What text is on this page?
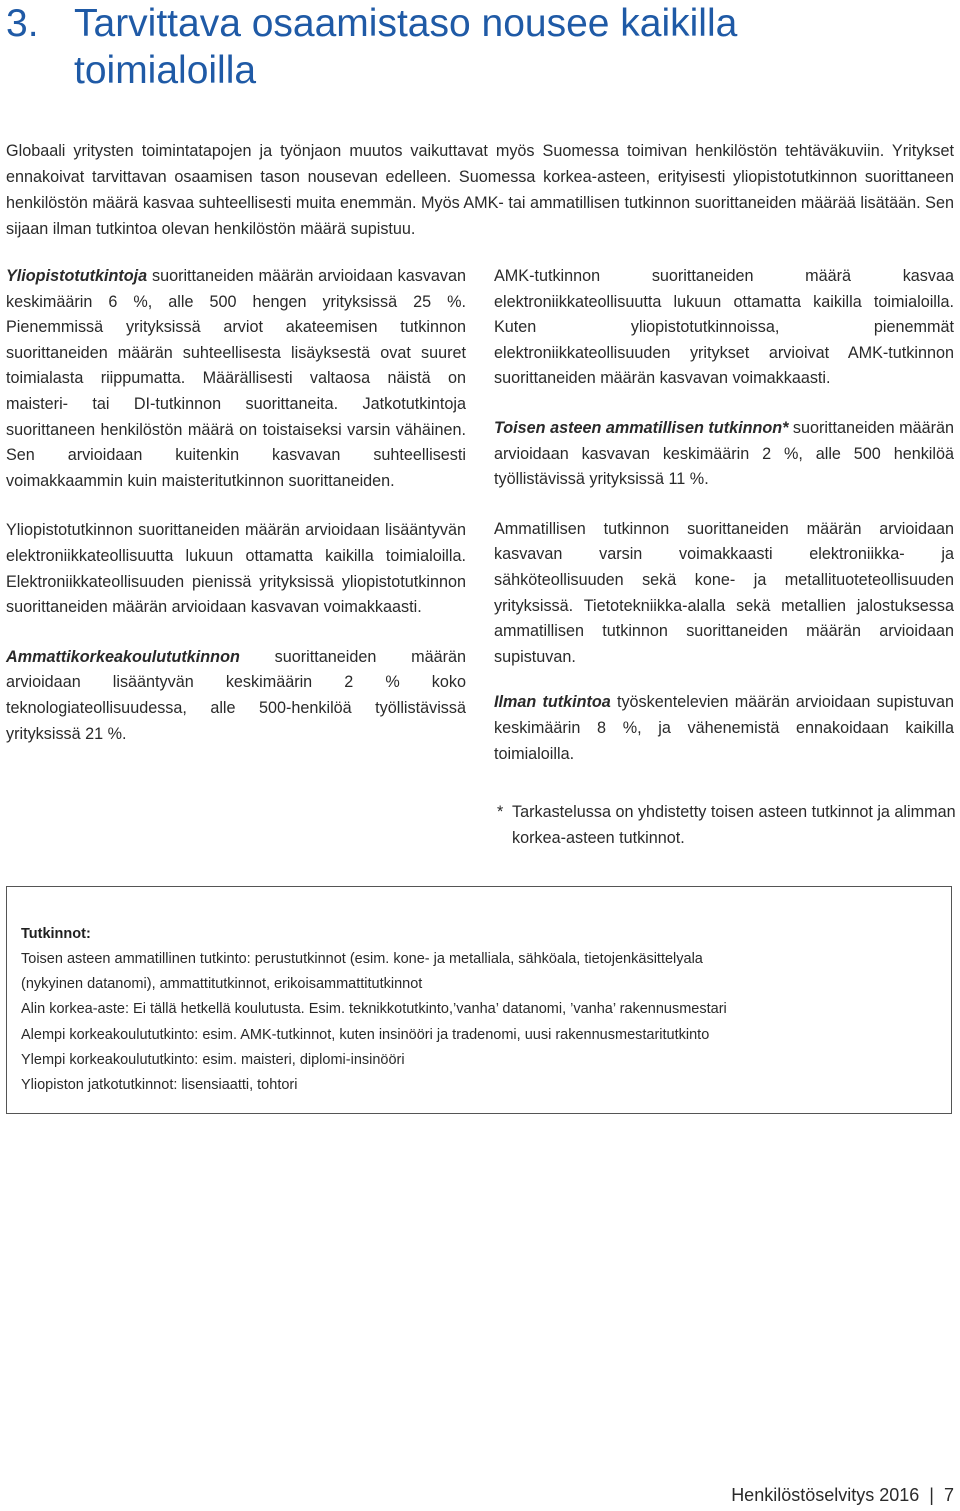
3. Tarvittava osaamistaso nousee kaikilla
toimialoilla

Globaali yritysten toimintatapojen ja työnjaon muutos vaikuttavat myös Suomessa toimivan henkilöstön tehtäväkuviin. Yritykset ennakoivat tarvittavan osaamisen tason nousevan edelleen. Suomessa korkea-asteen, erityisesti yliopistotutkinnon suorittaneen henkilöstön määrä kasvaa suhteellisesti muita enemmän. Myös AMK- tai ammatillisen tutkinnon suorittaneiden määrää lisätään. Sen sijaan ilman tutkintoa olevan henkilöstön määrä supistuu.

Yliopistotutkintoja suorittaneiden määrän arvioidaan kasvavan keskimäärin 6 %, alle 500 hengen yrityksissä 25 %. Pienemmissä yrityksissä arviot akateemisen tutkinnon suorittaneiden määrän suhteellisesta lisäyksestä ovat suuret toimialasta riippumatta. Määrällisesti valtaosa näistä on maisteri- tai DI-tutkinnon suorittaneita. Jatkotutkintoja suorittaneen henkilöstön määrä on toistaiseksi varsin vähäinen. Sen arvioidaan kuitenkin kasvavan suhteellisesti voimakkaammin kuin maisteritutkinnon suorittaneiden.

Yliopistotutkinnon suorittaneiden määrän arvioidaan lisääntyvän elektroniikkateollisuutta lukuun ottamatta kaikilla toimialoilla. Elektroniikkateollisuuden pienissä yrityksissä yliopistotutkinnon suorittaneiden määrän arvioidaan kasvavan voimakkaasti.

Ammattikorkeakoulututkinnon suorittaneiden määrän arvioidaan lisääntyvän keskimäärin 2 % koko teknologiateollisuudessa, alle 500-henkilöä työllistävissä yrityksissä 21 %.

AMK-tutkinnon suorittaneiden määrä kasvaa elektroniikkateollisuutta lukuun ottamatta kaikilla toimialoilla. Kuten yliopistotutkinnoissa, pienemmät elektroniikkateollisuuden yritykset arvioivat AMK-tutkinnon suorittaneiden määrän kasvavan voimakkaasti.

Toisen asteen ammatillisen tutkinnon* suorittaneiden määrän arvioidaan kasvavan keskimäärin 2 %, alle 500 henkilöä työllistävissä yrityksissä 11 %.

Ammatillisen tutkinnon suorittaneiden määrän arvioidaan kasvavan varsin voimakkaasti elektroniikka- ja sähköteollisuuden sekä kone- ja metallituoteteollisuuden yrityksissä. Tietotekniikka-alalla sekä metallien jalostuksessa ammatillisen tutkinnon suorittaneiden määrän arvioidaan supistuvan.

Ilman tutkintoa työskentelevien määrän arvioidaan supistuvan keskimäärin 8 %, ja vähenemistä ennakoidaan kaikilla toimialoilla.

* Tarkastelussa on yhdistetty toisen asteen tutkinnot ja alimman korkea-asteen tutkinnot.

Tutkinnot:

Toisen asteen ammatillinen tutkinto: perustutkinnot (esim. kone- ja metalliala, sähköala, tietojenkäsittelyala

(nykyinen datanomi), ammattitutkinnot, erikoisammattitutkinnot

Alin korkea-aste: Ei tällä hetkellä koulutusta. Esim. teknikkotutkinto,’vanha’ datanomi, ’vanha’ rakennusmestari

Alempi korkeakoulututkinto: esim. AMK-tutkinnot, kuten insinööri ja tradenomi, uusi rakennusmestaritutkinto

Ylempi korkeakoulututkinto: esim. maisteri, diplomi-insinööri

Yliopiston jatkotutkinnot: lisensiaatti, tohtori

Henkilöstöselvitys 2016 | 7
